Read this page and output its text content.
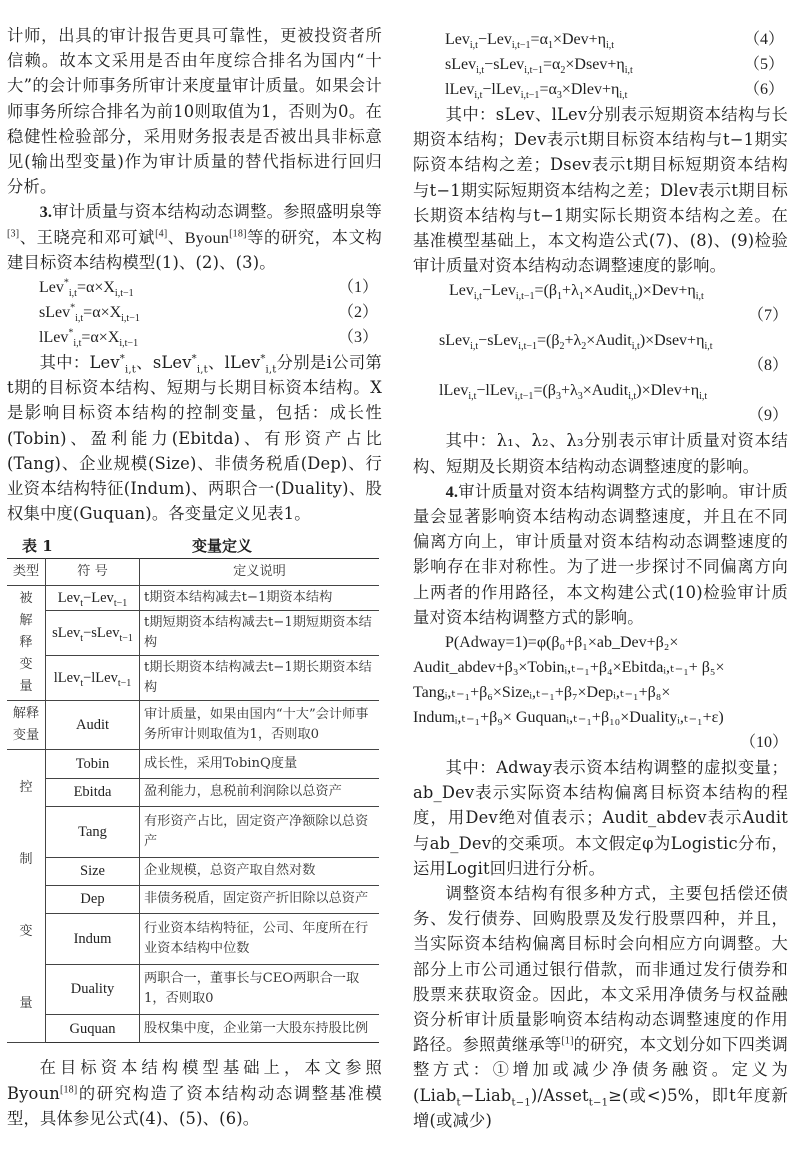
计师，出具的审计报告更具可靠性，更被投资者所信赖。故本文采用是否由年度综合排名为国内“十大”的会计师事务所审计来度量审计质量。如果会计师事务所综合排名为前10则取值为1，否则为0。在稳健性检验部分，采用财务报表是否被出具非标意见(输出型变量)作为审计质量的替代指标进行回归分析。

3.审计质量与资本结构动态调整。参照盛明泉等[3]、王晓亮和邓可斌[4]、Byoun[18]等的研究，本文构建目标资本结构模型(1)、(2)、(3)。

$Lev^*_{i,t}=\alpha\times X_{i,t-1}$	（1）
$sLev^*_{i,t}=\alpha\times X_{i,t-1}$	（2）
$lLev^*_{i,t}=\alpha\times X_{i,t-1}$	（3）

其中：Lev*$_{i,t}$、sLev*$_{i,t}$、lLev*$_{i,t}$分别是i公司第t期的目标资本结构、短期与长期目标资本结构。X是影响目标资本结构的控制变量，包括：成长性(Tobin)、盈利能力(Ebitda)、有形资产占比(Tang)、企业规模(Size)、非债务税盾(Dep)、行业资本结构特征(Indum)、两职合一(Duality)、股权集中度(Guquan)。各变量定义见表1。

表 1	变量定义
类型	符 号	定义说明
被解释变量	Lev$_t$−Lev$_{t-1}$	t期资本结构减去t−1期资本结构
	sLev$_t$−sLev$_{t-1}$	t期短期资本结构减去t−1期短期资本结构
	lLev$_t$−lLev$_{t-1}$	t期长期资本结构减去t−1期长期资本结构
解释变量	Audit	审计质量，如果由国内“十大”会计师事务所审计则取值为1，否则取0
控制变量	Tobin	成长性，采用TobinQ度量
	Ebitda	盈利能力，息税前利润除以总资产
	Tang	有形资产占比，固定资产净额除以总资产
	Size	企业规模，总资产取自然对数
	Dep	非债务税盾，固定资产折旧除以总资产
	Indum	行业资本结构特征，公司、年度所在行业资本结构中位数
	Duality	两职合一，董事长与CEO两职合一取1，否则取0
	Guquan	股权集中度，企业第一大股东持股比例

在目标资本结构模型基础上，本文参照Byoun[18]的研究构造了资本结构动态调整基准模型，具体参见公式(4)、(5)、(6)。

$Lev_{i,t}-Lev_{i,t-1}=\alpha_1\times Dev+\eta_{i,t}$	（4）
$sLev_{i,t}-sLev_{i,t-1}=\alpha_2\times Dsev+\eta_{i,t}$	（5）
$lLev_{i,t}-lLev_{i,t-1}=\alpha_3\times Dlev+\eta_{i,t}$	（6）

其中：sLev、lLev分别表示短期资本结构与长期资本结构；Dev表示t期目标资本结构与t−1期实际资本结构之差；Dsev表示t期目标短期资本结构与t−1期实际短期资本结构之差；Dlev表示t期目标长期资本结构与t−1期实际长期资本结构之差。在基准模型基础上，本文构造公式(7)、(8)、(9)检验审计质量对资本结构动态调整速度的影响。

$Lev_{i,t}-Lev_{i,t-1}=(\beta_1+\lambda_1\times Audit_{i,t})\times Dev+\eta_{i,t}$
（7）
$sLev_{i,t}-sLev_{i,t-1}=(\beta_2+\lambda_2\times Audit_{i,t})\times Dsev+\eta_{i,t}$
（8）
$lLev_{i,t}-lLev_{i,t-1}=(\beta_3+\lambda_3\times Audit_{i,t})\times Dlev+\eta_{i,t}$
（9）

其中：λ₁、λ₂、λ₃分别表示审计质量对资本结构、短期及长期资本结构动态调整速度的影响。

4.审计质量对资本结构调整方式的影响。审计质量会显著影响资本结构动态调整速度，并且在不同偏离方向上，审计质量对资本结构动态调整速度的影响存在非对称性。为了进一步探讨不同偏离方向上两者的作用路径，本文构建公式(10)检验审计质量对资本结构调整方式的影响。

P(Adway=1)=φ(β₀+β₁×ab_Dev+β₂×
Audit_abdev+β₃×Tobinᵢ,ₜ₋₁+β₄×Ebitdaᵢ,ₜ₋₁+ β₅×
Tangᵢ,ₜ₋₁+β₆×Sizeᵢ,ₜ₋₁+β₇×Depᵢ,ₜ₋₁+β₈×
Indumᵢ,ₜ₋₁+β₉× Guquanᵢ,ₜ₋₁+β₁₀×Dualityᵢ,ₜ₋₁+ε)
（10）

其中：Adway表示资本结构调整的虚拟变量；ab_Dev表示实际资本结构偏离目标资本结构的程度，用Dev绝对值表示；Audit_abdev表示Audit与ab_Dev的交乘项。本文假定φ为Logistic分布，运用Logit回归进行分析。

调整资本结构有很多种方式，主要包括偿还债务、发行债券、回购股票及发行股票四种，并且，当实际资本结构偏离目标时会向相应方向调整。大部分上市公司通过银行借款，而非通过发行债券和股票来获取资金。因此，本文采用净债务与权益融资分析审计质量影响资本结构动态调整速度的作用路径。参照黄继承等[1]的研究，本文划分如下四类调整方式：①增加或减少净债务融资。定义为(Liab$_t$−Liab$_{t-1}$)/Asset$_{t-1}$≥(或<)5%，即t年度新增(或减少)
